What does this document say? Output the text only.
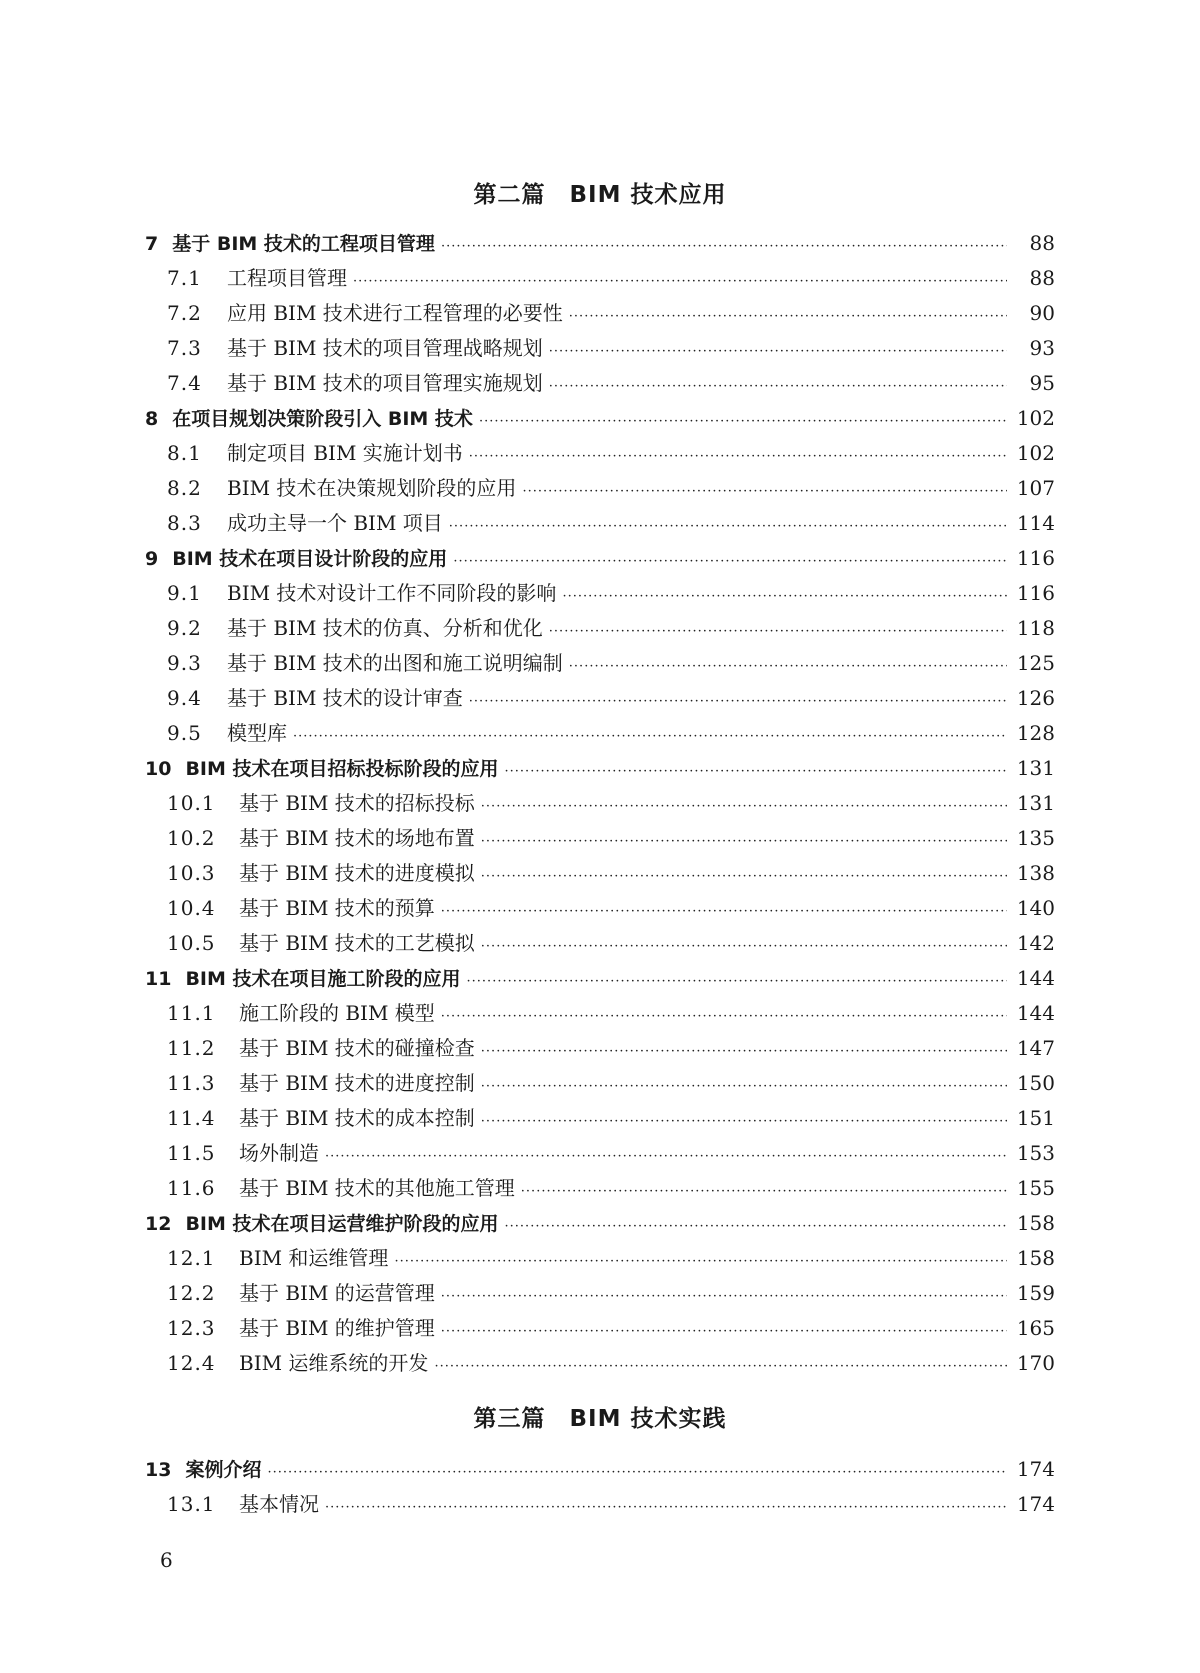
第二篇　BIM 技术应用
7 基于 BIM 技术的工程项目管理 ·····	88
7.1	工程项目管理 ·····	88
7.2	应用 BIM 技术进行工程管理的必要性 ·····	90
7.3	基于 BIM 技术的项目管理战略规划 ·····	93
7.4	基于 BIM 技术的项目管理实施规划 ·····	95
8 在项目规划决策阶段引入 BIM 技术 ·····	102
8.1	制定项目 BIM 实施计划书 ·····	102
8.2	BIM 技术在决策规划阶段的应用 ·····	107
8.3	成功主导一个 BIM 项目 ·····	114
9 BIM 技术在项目设计阶段的应用 ·····	116
9.1	BIM 技术对设计工作不同阶段的影响 ·····	116
9.2	基于 BIM 技术的仿真、分析和优化 ·····	118
9.3	基于 BIM 技术的出图和施工说明编制 ·····	125
9.4	基于 BIM 技术的设计审查 ·····	126
9.5	模型库 ·····	128
10 BIM 技术在项目招标投标阶段的应用 ·····	131
10.1	基于 BIM 技术的招标投标 ·····	131
10.2	基于 BIM 技术的场地布置 ·····	135
10.3	基于 BIM 技术的进度模拟 ·····	138
10.4	基于 BIM 技术的预算 ·····	140
10.5	基于 BIM 技术的工艺模拟 ·····	142
11 BIM 技术在项目施工阶段的应用 ·····	144
11.1	施工阶段的 BIM 模型 ·····	144
11.2	基于 BIM 技术的碰撞检查 ·····	147
11.3	基于 BIM 技术的进度控制 ·····	150
11.4	基于 BIM 技术的成本控制 ·····	151
11.5	场外制造 ·····	153
11.6	基于 BIM 技术的其他施工管理 ·····	155
12 BIM 技术在项目运营维护阶段的应用 ·····	158
12.1	BIM 和运维管理 ·····	158
12.2	基于 BIM 的运营管理 ·····	159
12.3	基于 BIM 的维护管理 ·····	165
12.4	BIM 运维系统的开发 ·····	170
第三篇　BIM 技术实践
13 案例介绍 ·····	174
13.1	基本情况 ·····	174
6
